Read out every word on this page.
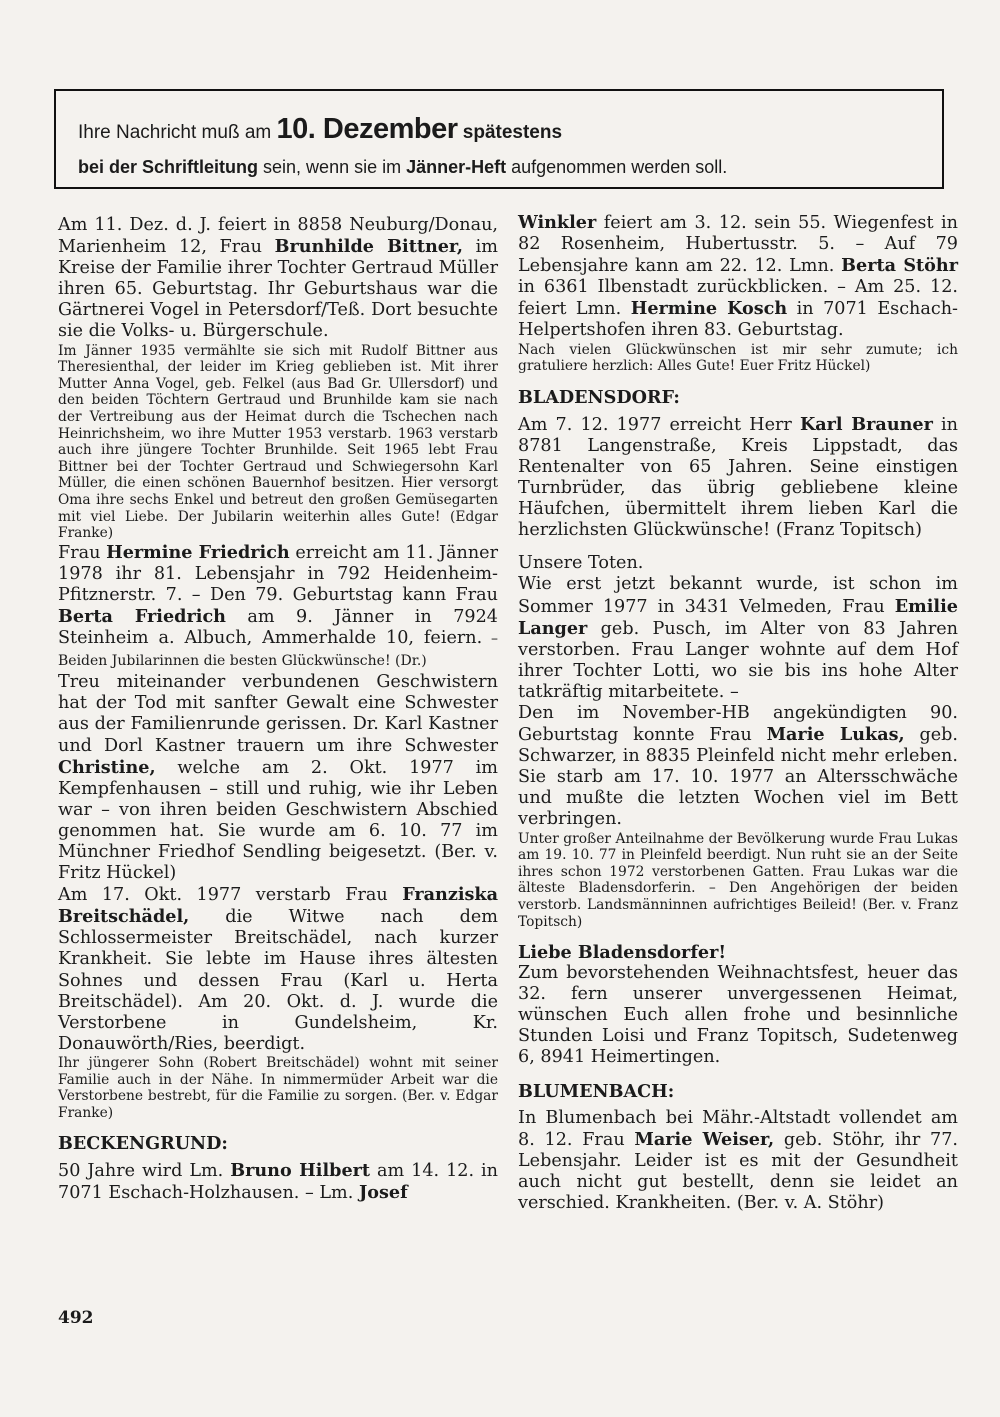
Ihre Nachricht muß am 10. Dezember spätestens
bei der Schriftleitung sein, wenn sie im Jänner-Heft aufgenommen werden soll.

Am 11. Dez. d. J. feiert in 8858 Neuburg/Donau, Marienheim 12, Frau Brunhilde Bittner, im Kreise der Familie ihrer Tochter Gertraud Müller ihren 65. Geburtstag. Ihr Geburtshaus war die Gärtnerei Vogel in Petersdorf/Teß. Dort besuchte sie die Volks- u. Bürgerschule.

Im Jänner 1935 vermählte sie sich mit Rudolf Bittner aus Theresienthal, der leider im Krieg geblieben ist. Mit ihrer Mutter Anna Vogel, geb. Felkel (aus Bad Gr. Ullersdorf) und den beiden Töchtern Gertraud und Brunhilde kam sie nach der Vertreibung aus der Heimat durch die Tschechen nach Heinrichsheim, wo ihre Mutter 1953 verstarb. 1963 verstarb auch ihre jüngere Tochter Brunhilde. Seit 1965 lebt Frau Bittner bei der Tochter Gertraud und Schwiegersohn Karl Müller, die einen schönen Bauernhof besitzen. Hier versorgt Oma ihre sechs Enkel und betreut den großen Gemüsegarten mit viel Liebe. Der Jubilarin weiterhin alles Gute! (Edgar Franke)

Frau Hermine Friedrich erreicht am 11. Jänner 1978 ihr 81. Lebensjahr in 792 Heidenheim-Pfitznerstr. 7. – Den 79. Geburtstag kann Frau Berta Friedrich am 9. Jänner in 7924 Steinheim a. Albuch, Ammerhalde 10, feiern. – Beiden Jubilarinnen die besten Glückwünsche! (Dr.)

Treu miteinander verbundenen Geschwistern hat der Tod mit sanfter Gewalt eine Schwester aus der Familienrunde gerissen. Dr. Karl Kastner und Dorl Kastner trauern um ihre Schwester Christine, welche am 2. Okt. 1977 im Kempfenhausen – still und ruhig, wie ihr Leben war – von ihren beiden Geschwistern Abschied genommen hat. Sie wurde am 6. 10. 77 im Münchner Friedhof Sendling beigesetzt. (Ber. v. Fritz Hückel)

Am 17. Okt. 1977 verstarb Frau Franziska Breitschädel, die Witwe nach dem Schlossermeister Breitschädel, nach kurzer Krankheit. Sie lebte im Hause ihres ältesten Sohnes und dessen Frau (Karl u. Herta Breitschädel). Am 20. Okt. d. J. wurde die Verstorbene in Gundelsheim, Kr. Donauwörth/Ries, beerdigt.

Ihr jüngerer Sohn (Robert Breitschädel) wohnt mit seiner Familie auch in der Nähe. In nimmermüder Arbeit war die Verstorbene bestrebt, für die Familie zu sorgen. (Ber. v. Edgar Franke)

BECKENGRUND:

50 Jahre wird Lm. Bruno Hilbert am 14. 12. in 7071 Eschach-Holzhausen. – Lm. Josef

Winkler feiert am 3. 12. sein 55. Wiegenfest in 82 Rosenheim, Hubertusstr. 5. – Auf 79 Lebensjahre kann am 22. 12. Lmn. Berta Stöhr in 6361 Ilbenstadt zurückblicken. – Am 25. 12. feiert Lmn. Hermine Kosch in 7071 Eschach-Helpertshofen ihren 83. Geburtstag.

Nach vielen Glückwünschen ist mir sehr zumute; ich gratuliere herzlich: Alles Gute! Euer Fritz Hückel)

BLADENSDORF:

Am 7. 12. 1977 erreicht Herr Karl Brauner in 8781 Langenstraße, Kreis Lippstadt, das Rentenalter von 65 Jahren. Seine einstigen Turnbrüder, das übrig gebliebene kleine Häufchen, übermittelt ihrem lieben Karl die herzlichsten Glückwünsche! (Franz Topitsch)

Unsere Toten.

Wie erst jetzt bekannt wurde, ist schon im Sommer 1977 in 3431 Velmeden, Frau Emilie Langer geb. Pusch, im Alter von 83 Jahren verstorben. Frau Langer wohnte auf dem Hof ihrer Tochter Lotti, wo sie bis ins hohe Alter tatkräftig mitarbeitete. –

Den im November-HB angekündigten 90. Geburtstag konnte Frau Marie Lukas, geb. Schwarzer, in 8835 Pleinfeld nicht mehr erleben. Sie starb am 17. 10. 1977 an Altersschwäche und mußte die letzten Wochen viel im Bett verbringen.

Unter großer Anteilnahme der Bevölkerung wurde Frau Lukas am 19. 10. 77 in Pleinfeld beerdigt. Nun ruht sie an der Seite ihres schon 1972 verstorbenen Gatten. Frau Lukas war die älteste Bladensdorferin. – Den Angehörigen der beiden verstorb. Landsmänninnen aufrichtiges Beileid! (Ber. v. Franz Topitsch)

Liebe Bladensdorfer!

Zum bevorstehenden Weihnachtsfest, heuer das 32. fern unserer unvergessenen Heimat, wünschen Euch allen frohe und besinnliche Stunden Loisi und Franz Topitsch, Sudetenweg 6, 8941 Heimertingen.

BLUMENBACH:

In Blumenbach bei Mähr.-Altstadt vollendet am 8. 12. Frau Marie Weiser, geb. Stöhr, ihr 77. Lebensjahr. Leider ist es mit der Gesundheit auch nicht gut bestellt, denn sie leidet an verschied. Krankheiten. (Ber. v. A. Stöhr)

492
